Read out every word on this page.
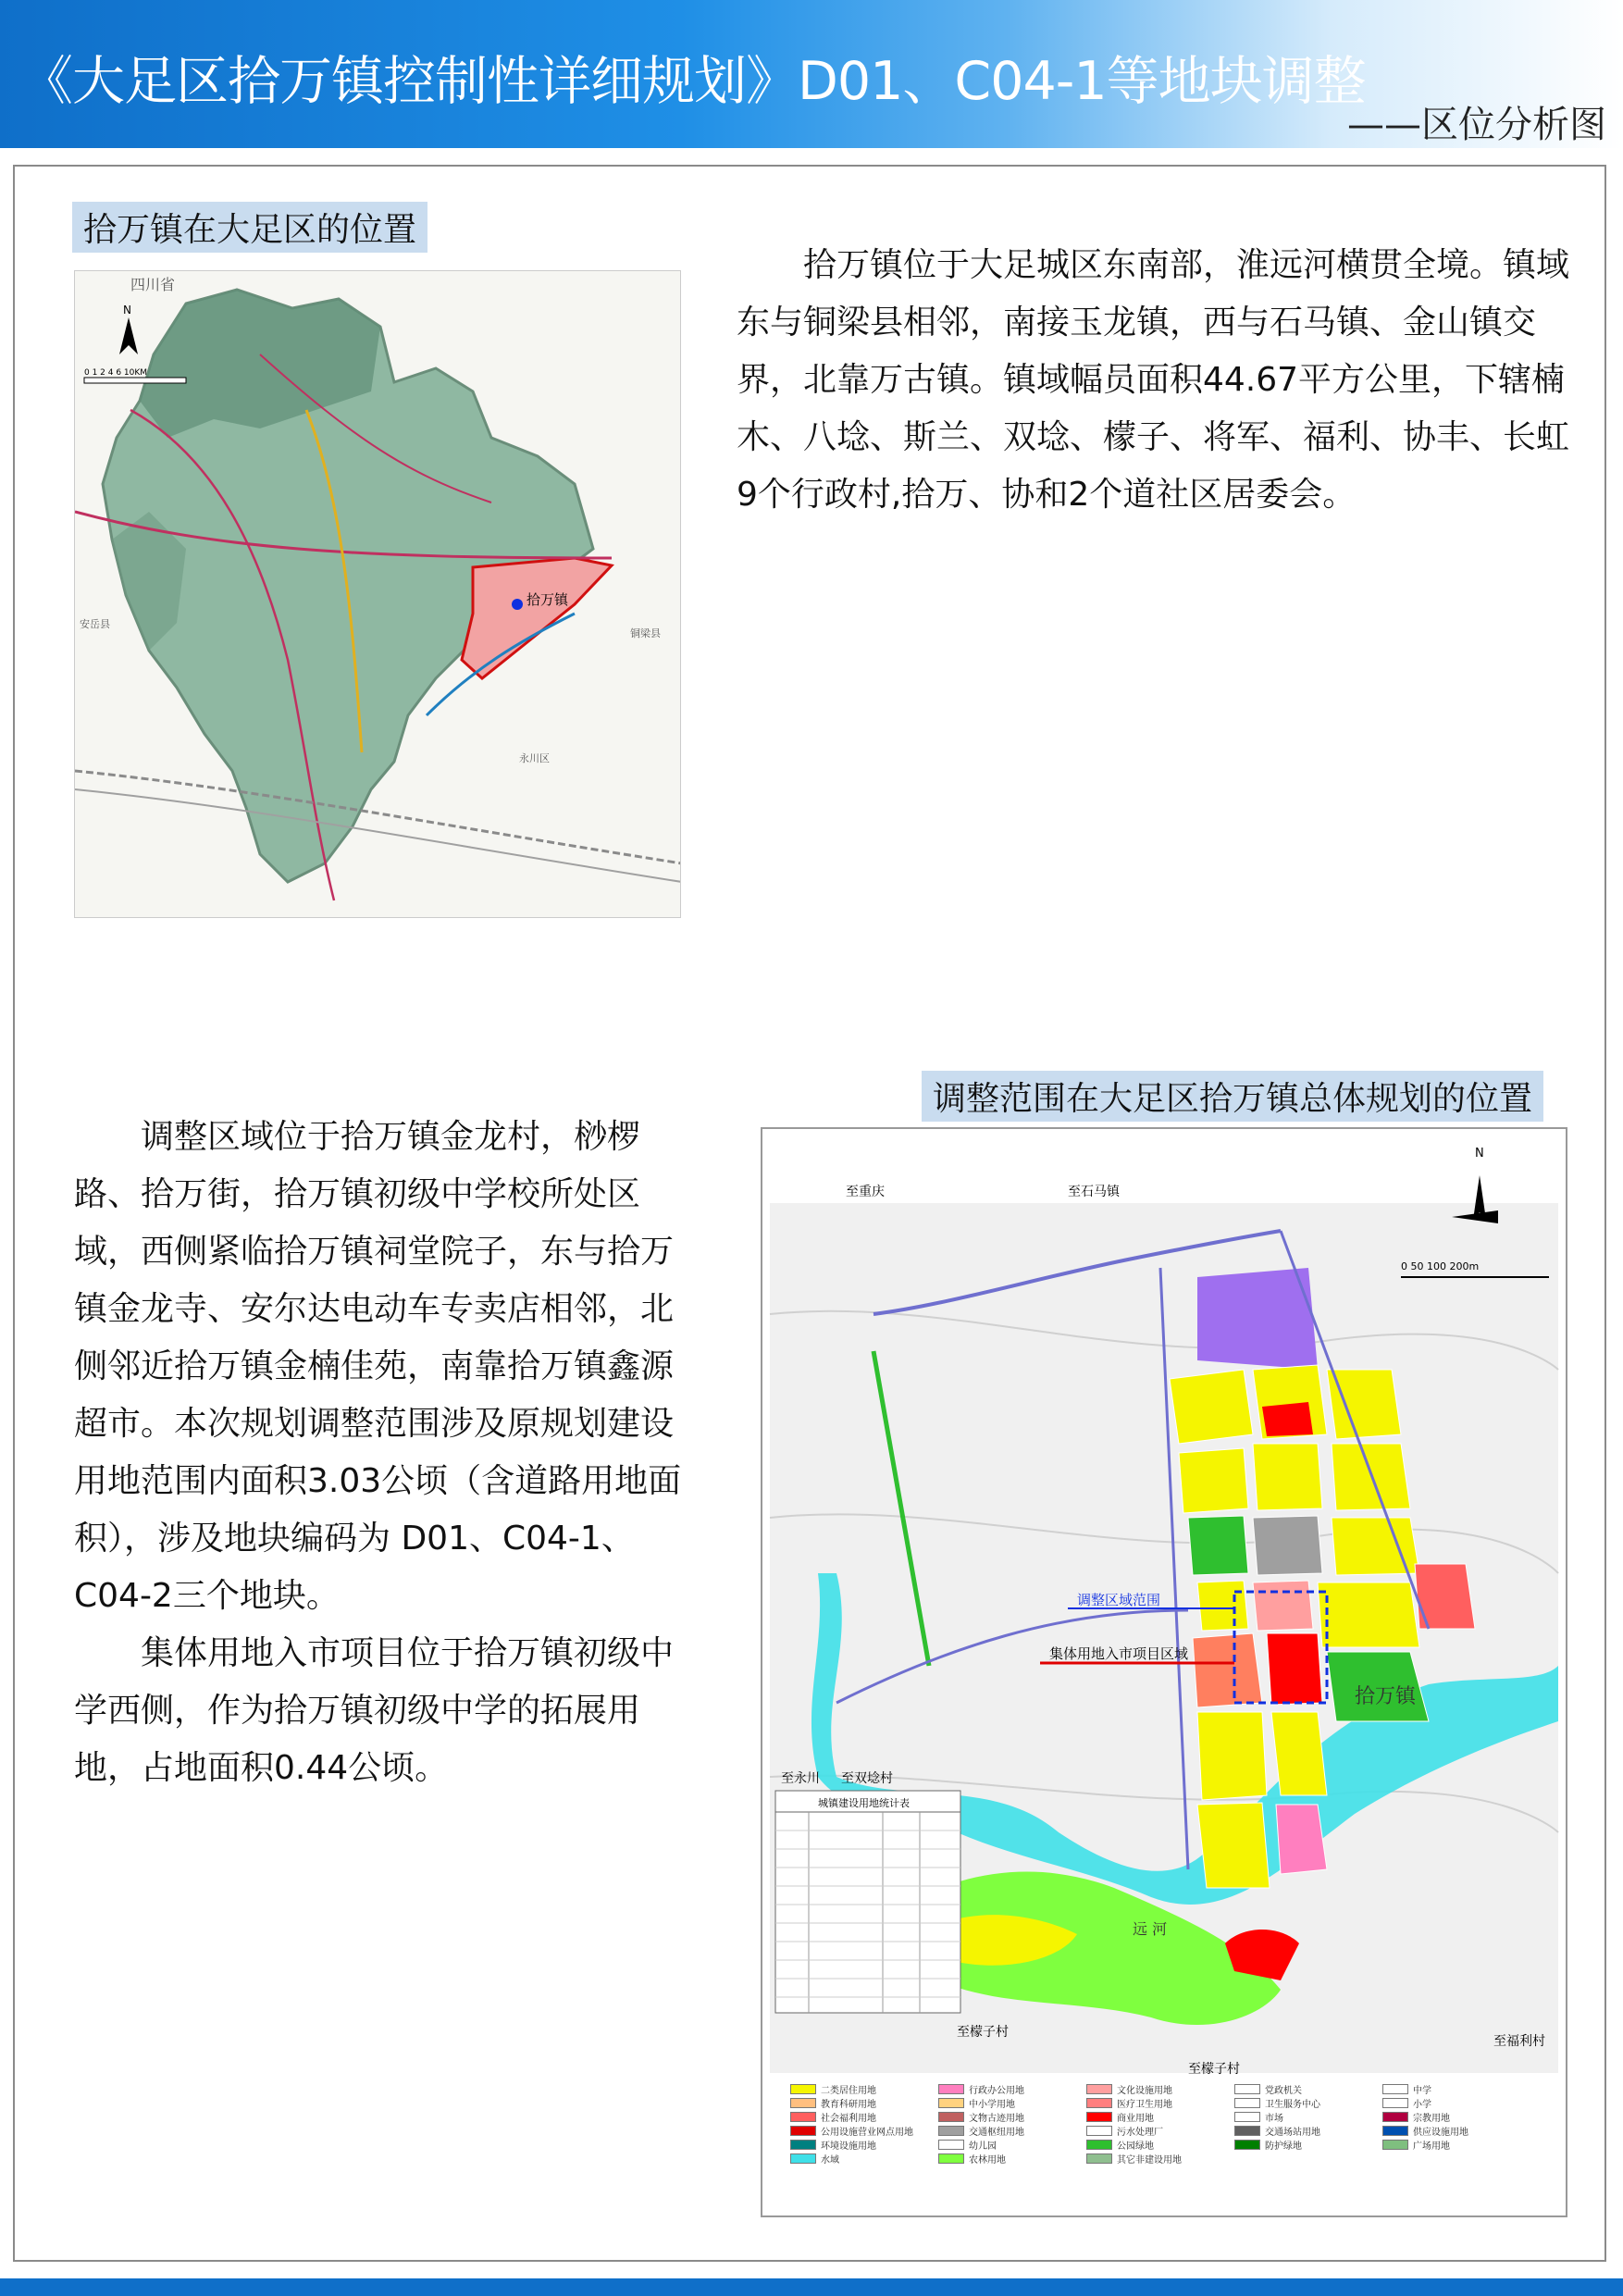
《大足区拾万镇控制性详细规划》D01、C04-1等地块调整
——区位分析图
拾万镇在大足区的位置
N
0 1 2 4 6 10KM
四川省
拾万镇
安岳县
铜梁县
永川区

拾万镇位于大足城区东南部，淮远河横贯全境。镇域东与铜梁县相邻，南接玉龙镇，西与石马镇、金山镇交界，北靠万古镇。镇域幅员面积44.67平方公里，下辖楠木、八埝、斯兰、双埝、檬子、将军、福利、协丰、长虹9个行政村,拾万、协和2个道社区居委会。

调整范围在大足区拾万镇总体规划的位置

调整区域位于拾万镇金龙村，桫椤路、拾万街，拾万镇初级中学校所处区域，西侧紧临拾万镇祠堂院子，东与拾万镇金龙寺、安尔达电动车专卖店相邻，北侧邻近拾万镇金楠佳苑，南靠拾万镇鑫源超市。本次规划调整范围涉及原规划建设用地范围内面积3.03公顷（含道路用地面积），涉及地块编码为 D01、C04-1、C04-2三个地块。

集体用地入市项目位于拾万镇初级中学西侧，作为拾万镇初级中学的拓展用地，占地面积0.44公顷。

调整区域范围
集体用地入市项目区域
N
0 50 100 200m
至重庆	至石马镇
至永川 至双埝村
至檬子村
至檬子村
至福利村
拾万镇
远 河
城镇建设用地统计表
二类居住用地	行政办公用地	文化设施用地	党政机关	中学
教育科研用地	中小学用地	医疗卫生用地	卫生服务中心	小学
社会福利用地	文物古迹用地	商业用地	市场	宗教用地
公用设施营业网点用地	交通枢纽用地	污水处理厂	交通场站用地	供应设施用地
环境设施用地	幼儿园	公园绿地	防护绿地	广场用地
水域	农林用地	其它非建设用地
